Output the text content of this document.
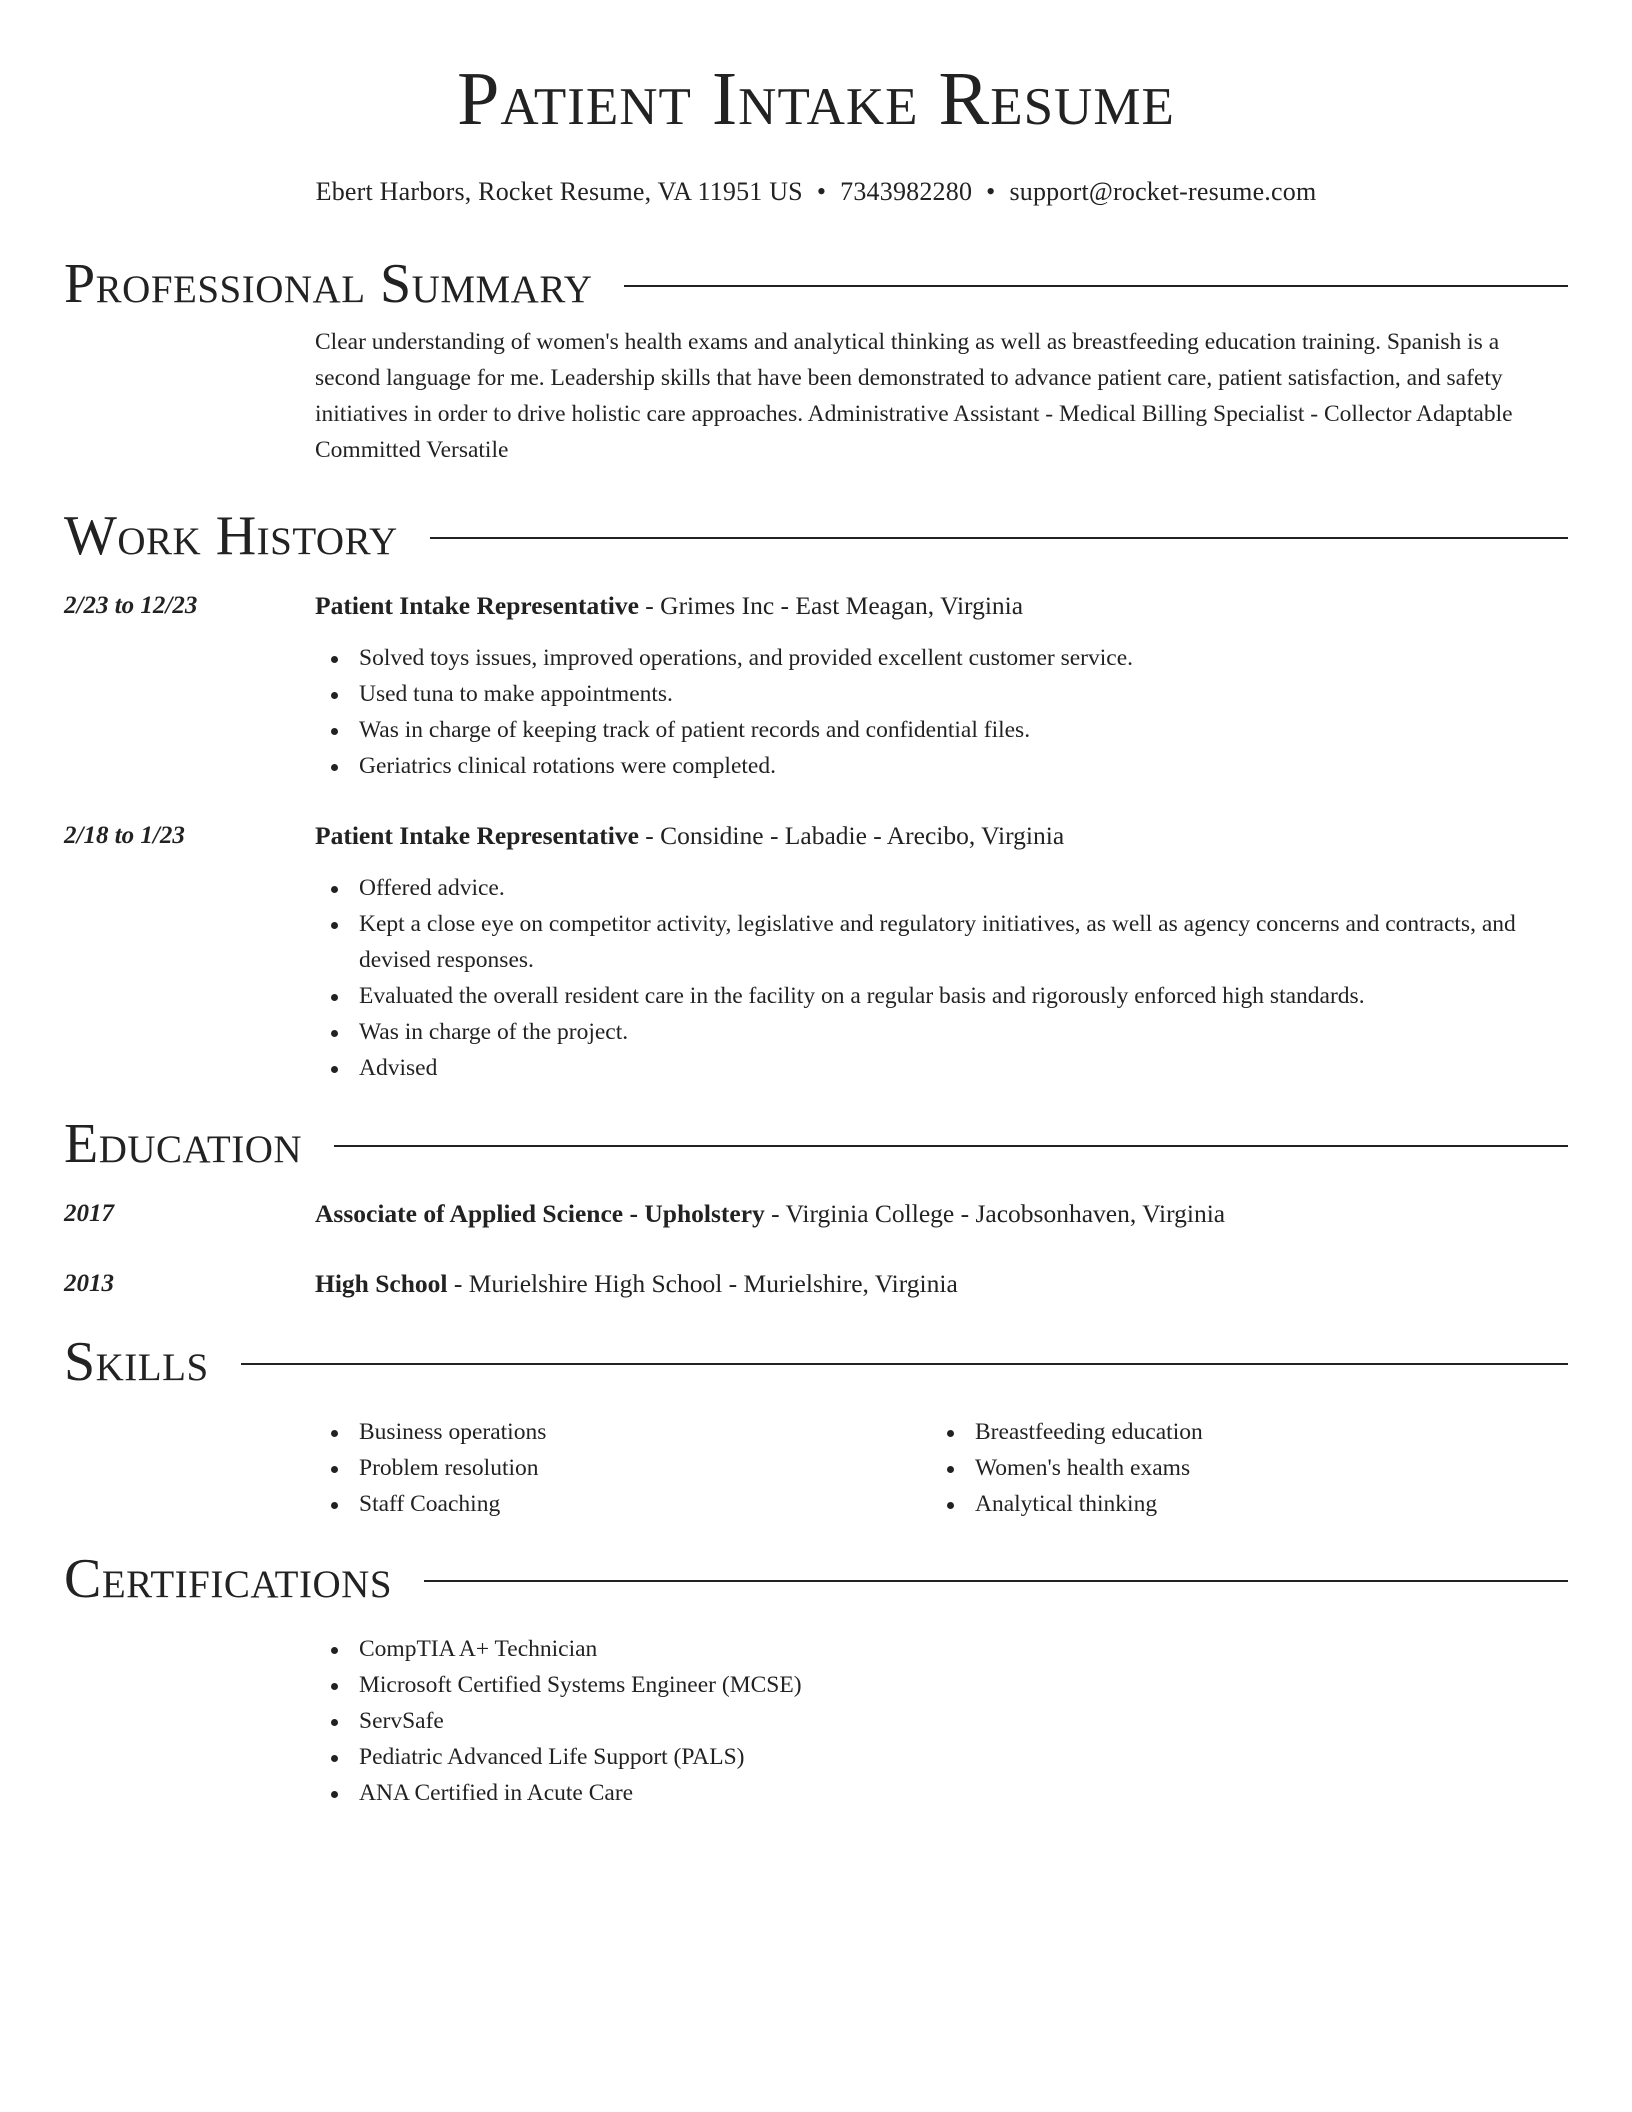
Patient Intake Resume
Ebert Harbors, Rocket Resume, VA 11951 US • 7343982280 • support@rocket-resume.com
Professional Summary
Clear understanding of women's health exams and analytical thinking as well as breastfeeding education training. Spanish is a second language for me. Leadership skills that have been demonstrated to advance patient care, patient satisfaction, and safety initiatives in order to drive holistic care approaches. Administrative Assistant - Medical Billing Specialist - Collector Adaptable Committed Versatile
Work History
2/23 to 12/23	Patient Intake Representative - Grimes Inc - East Meagan, Virginia
Solved toys issues, improved operations, and provided excellent customer service.
Used tuna to make appointments.
Was in charge of keeping track of patient records and confidential files.
Geriatrics clinical rotations were completed.
2/18 to 1/23	Patient Intake Representative - Considine - Labadie - Arecibo, Virginia
Offered advice.
Kept a close eye on competitor activity, legislative and regulatory initiatives, as well as agency concerns and contracts, and devised responses.
Evaluated the overall resident care in the facility on a regular basis and rigorously enforced high standards.
Was in charge of the project.
Advised
Education
2017	Associate of Applied Science - Upholstery - Virginia College - Jacobsonhaven, Virginia
2013	High School - Murielshire High School - Murielshire, Virginia
Skills
Business operations
Problem resolution
Staff Coaching
Breastfeeding education
Women's health exams
Analytical thinking
Certifications
CompTIA A+ Technician
Microsoft Certified Systems Engineer (MCSE)
ServSafe
Pediatric Advanced Life Support (PALS)
ANA Certified in Acute Care
